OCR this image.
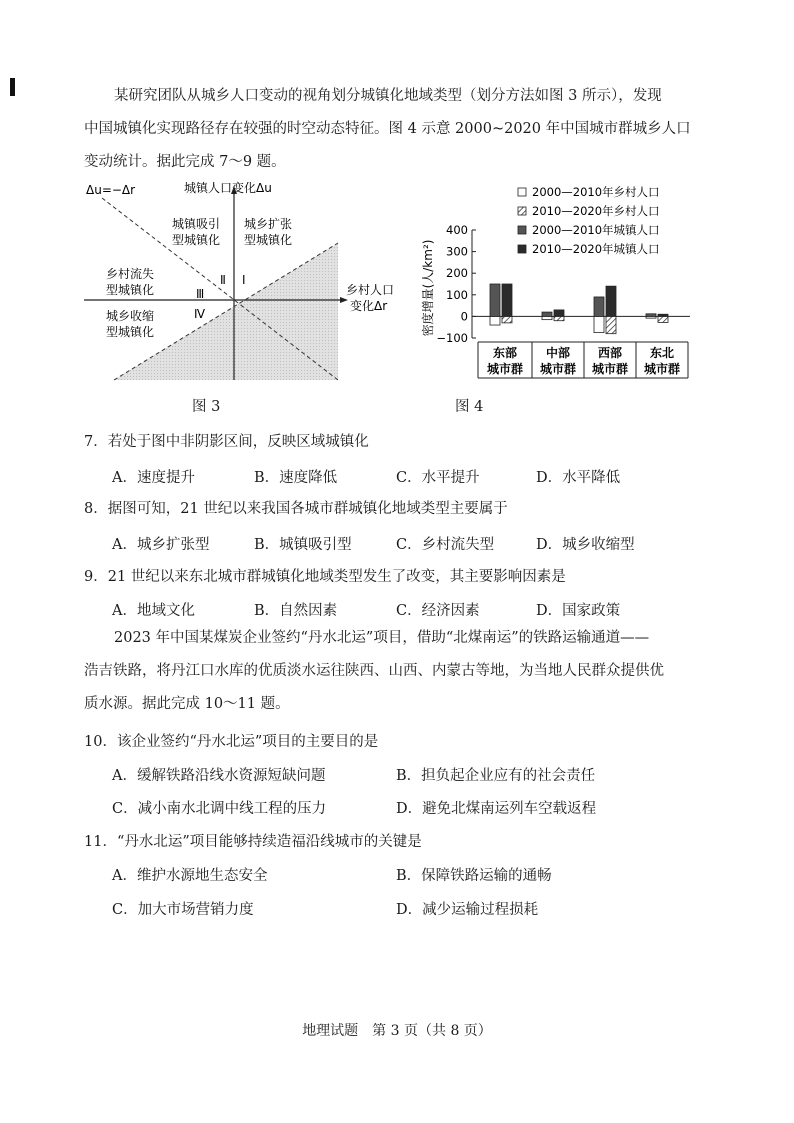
某研究团队从城乡人口变动的视角划分城镇化地域类型（划分方法如图 3 所示），发现
中国城镇化实现路径存在较强的时空动态特征。图 4 示意 2000~2020 年中国城市群城乡人口
变动统计。据此完成 7～9 题。

Δu=−Δr	城镇人口变化Δu
乡村人口
变化Δr
城镇吸引
型城镇化
城乡扩张
型城镇化
乡村流失
型城镇化
城乡收缩
型城镇化
Ⅰ
Ⅱ
Ⅲ
Ⅳ
2000—2010年乡村人口
2010—2020年乡村人口
2000—2010年城镇人口
2010—2020年城镇人口
密度增量(人/km²)
400
300
200
100
0
−100
东部
城市群
中部
城市群
西部
城市群
东北
城市群
图 3	图 4
7．若处于图中非阴影区间，反映区域城镇化
A．速度提升	B．速度降低	C．水平提升	D．水平降低
8．据图可知，21 世纪以来我国各城市群城镇化地域类型主要属于
A．城乡扩张型	B．城镇吸引型	C．乡村流失型	D．城乡收缩型
9．21 世纪以来东北城市群城镇化地域类型发生了改变，其主要影响因素是
A．地域文化	B．自然因素	C．经济因素	D．国家政策

2023 年中国某煤炭企业签约“丹水北运”项目，借助“北煤南运”的铁路运输通道——
浩吉铁路，将丹江口水库的优质淡水运往陕西、山西、内蒙古等地，为当地人民群众提供优
质水源。据此完成 10～11 题。

10．该企业签约“丹水北运”项目的主要目的是
A．缓解铁路沿线水资源短缺问题	B．担负起企业应有的社会责任
C．减小南水北调中线工程的压力	D．避免北煤南运列车空载返程
11．“丹水北运”项目能够持续造福沿线城市的关键是
A．维护水源地生态安全	B．保障铁路运输的通畅
C．加大市场营销力度	D．减少运输过程损耗
地理试题　第 3 页（共 8 页）
